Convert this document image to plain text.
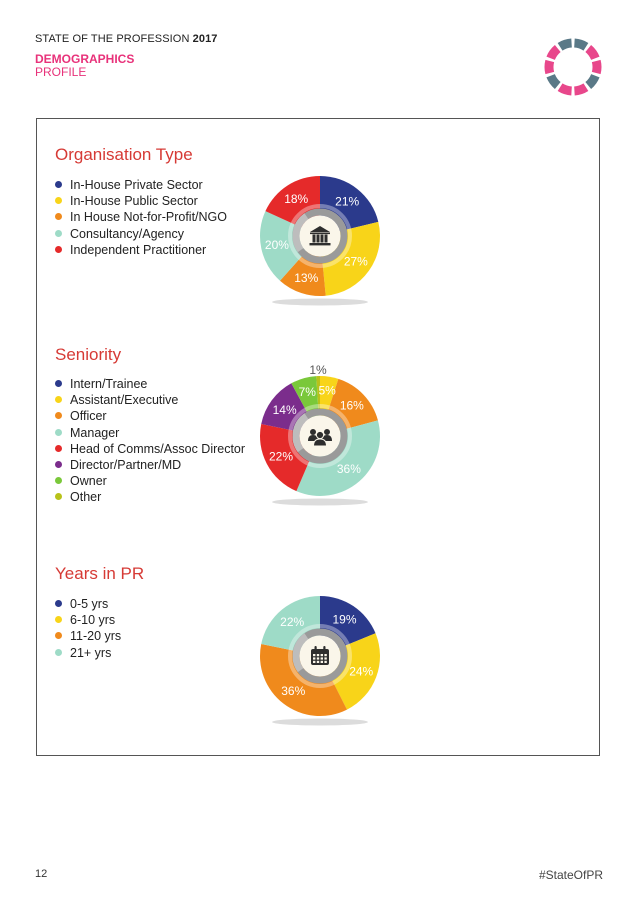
STATE OF THE PROFESSION 2017
DEMOGRAPHICS
PROFILE
Organisation Type
In-House Private Sector
In-House Public Sector
In House Not-for-Profit/NGO
Consultancy/Agency
Independent Practitioner
21%
27%
13%
20%
18%
Seniority
Intern/Trainee
Assistant/Executive
Officer
Manager
Head of Comms/Assoc Director
Director/Partner/MD
Owner
Other
5%
16%
36%
22%
14%
7%
1%
Years in PR
0-5 yrs
6-10 yrs
11-20 yrs
21+ yrs
19%
24%
36%
22%
12	#StateOfPR
